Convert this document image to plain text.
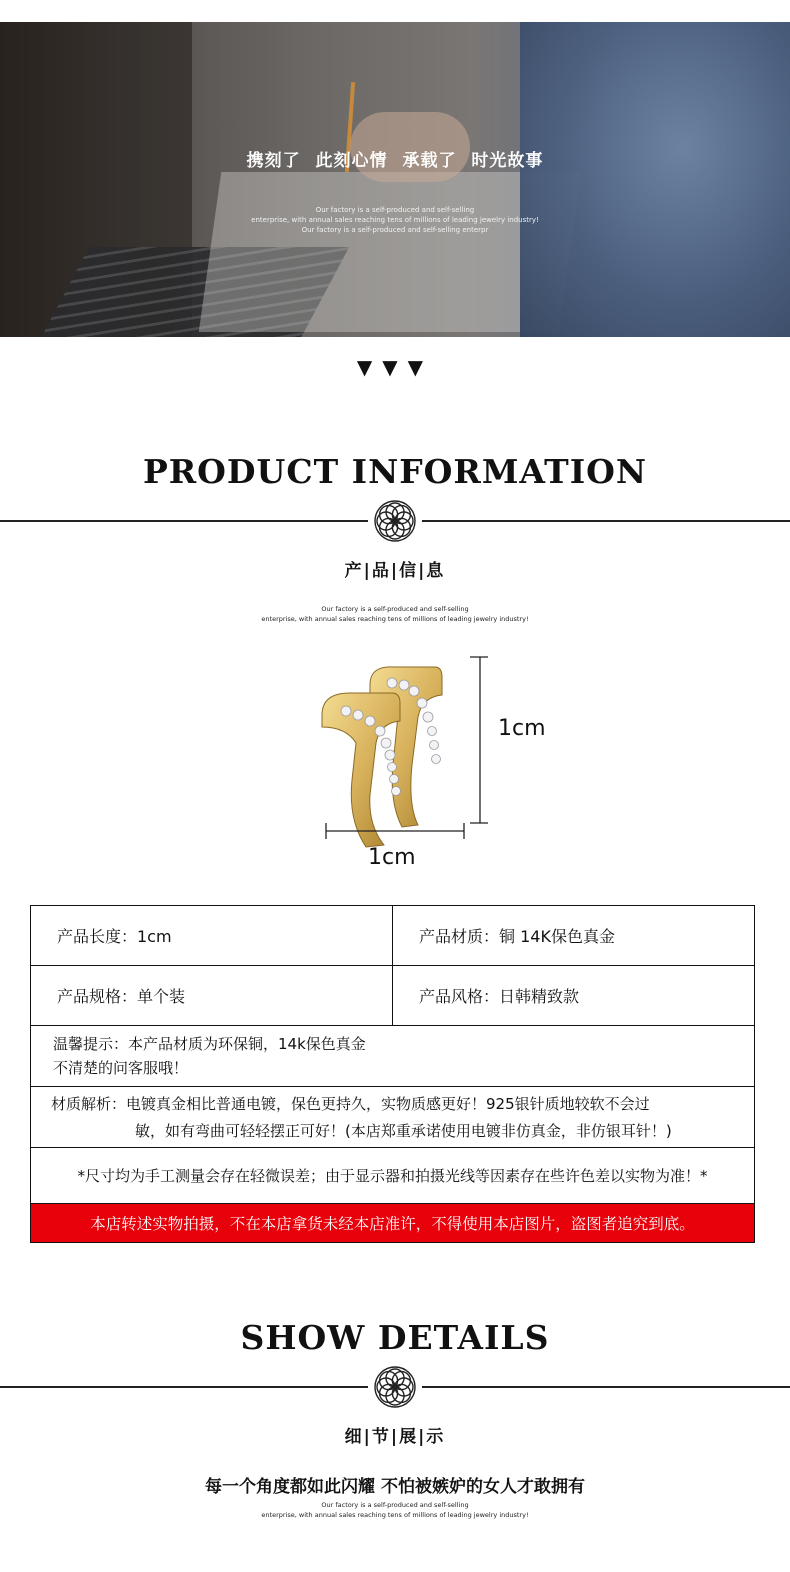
携刻了 此刻心情 承载了 时光故事
Our factory is a self-produced and self-selling
enterprise, with annual sales reaching tens of millions of leading jewelry industry!
Our factory is a self-produced and self-selling enterpr
▼▼▼
PRODUCT INFORMATION
产|品|信|息
Our factory is a self-produced and self-selling
enterprise, with annual sales reaching tens of millions of leading jewelry industry!
1cm
1cm
产品长度：1cm	产品材质：铜 14K保色真金
产品规格：单个装	产品风格：日韩精致款
温馨提示：本产品材质为环保铜，14k保色真金
不清楚的问客服哦！
材质解析：电镀真金相比普通电镀，保色更持久，实物质感更好！925银针质地较软不会过
敏，如有弯曲可轻轻摆正可好！(本店郑重承诺使用电镀非仿真金，非仿银耳针！)
*尺寸均为手工测量会存在轻微误差；由于显示器和拍摄光线等因素存在些许色差以实物为准！*
本店转述实物拍摄，不在本店拿货未经本店准许，不得使用本店图片，盗图者追究到底。
SHOW DETAILS
细|节|展|示
每一个角度都如此闪耀 不怕被嫉妒的女人才敢拥有
Our factory is a self-produced and self-selling
enterprise, with annual sales reaching tens of millions of leading jewelry industry!
